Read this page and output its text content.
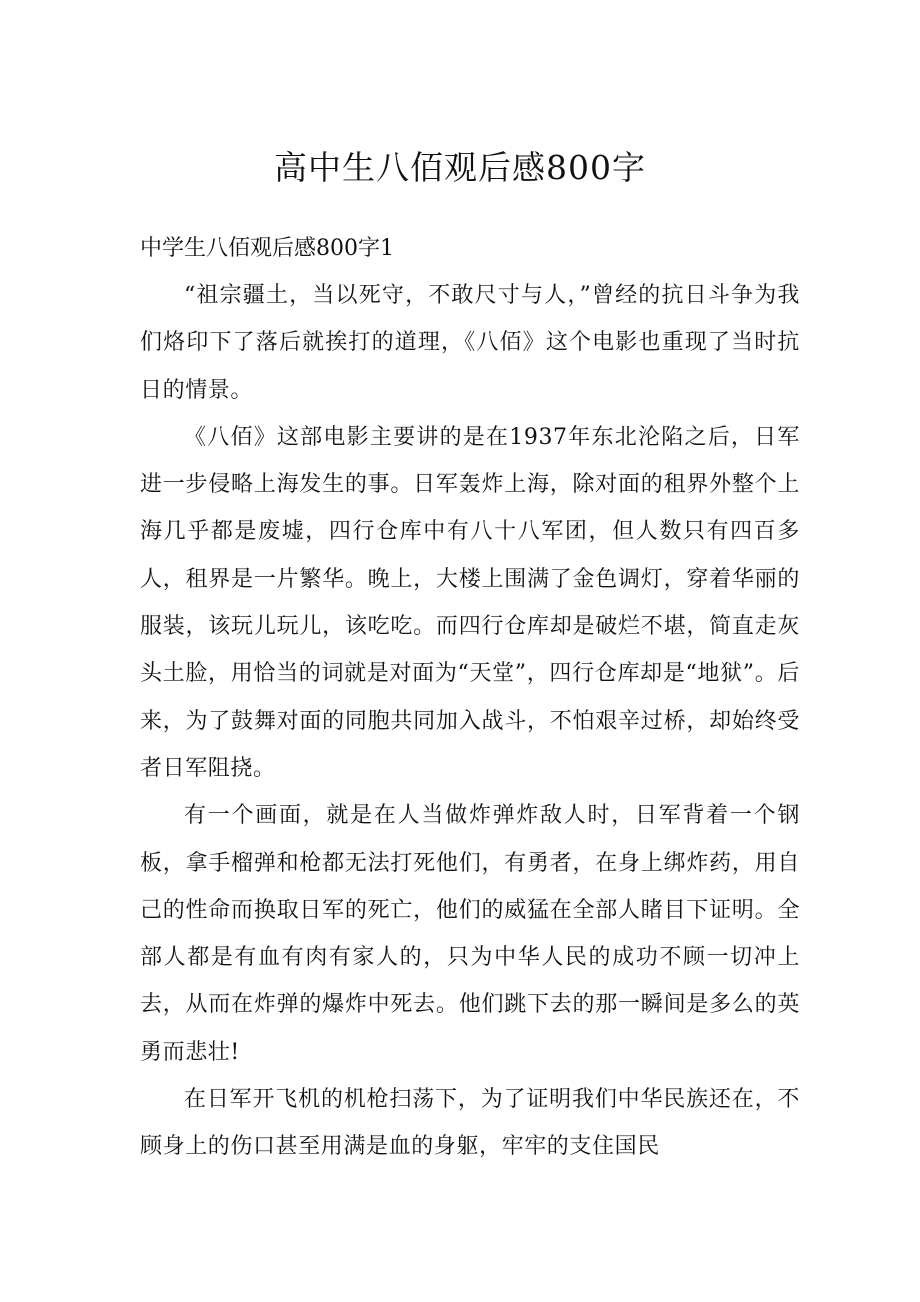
高中生八佰观后感800字

中学生八佰观后感800字1

“祖宗疆土，当以死守，不敢尺寸与人，”曾经的抗日斗争为我们烙印下了落后就挨打的道理，《八佰》这个电影也重现了当时抗日的情景。

《八佰》这部电影主要讲的是在1937年东北沦陷之后，日军进一步侵略上海发生的事。日军轰炸上海，除对面的租界外整个上海几乎都是废墟，四行仓库中有八十八军团，但人数只有四百多人，租界是一片繁华。晚上，大楼上围满了金色调灯，穿着华丽的服装，该玩儿玩儿，该吃吃。而四行仓库却是破烂不堪，简直走灰头土脸，用恰当的词就是对面为“天堂”，四行仓库却是“地狱”。后来，为了鼓舞对面的同胞共同加入战斗，不怕艰辛过桥，却始终受者日军阻挠。

有一个画面，就是在人当做炸弹炸敌人时，日军背着一个钢板，拿手榴弹和枪都无法打死他们，有勇者，在身上绑炸药，用自己的性命而换取日军的死亡，他们的威猛在全部人睹目下证明。全部人都是有血有肉有家人的，只为中华人民的成功不顾一切冲上去，从而在炸弹的爆炸中死去。他们跳下去的那一瞬间是多么的英勇而悲壮!

在日军开飞机的机枪扫荡下，为了证明我们中华民族还在，不顾身上的伤口甚至用满是血的身躯，牢牢的支住国民
